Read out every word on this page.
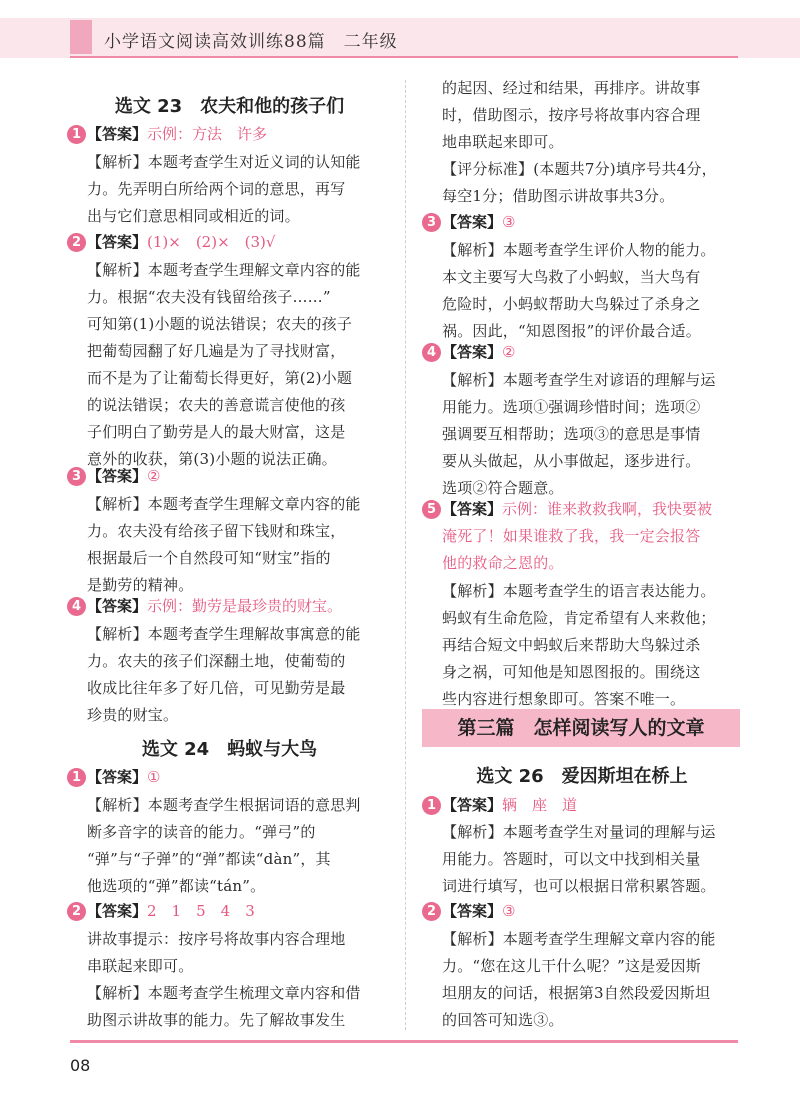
小学语文阅读高效训练88篇　二年级
选文 23　农夫和他的孩子们
1 【答案】示例：方法　许多
【解析】本题考查学生对近义词的认知能
力。先弄明白所给两个词的意思，再写
出与它们意思相同或相近的词。
2 【答案】(1)×　(2)×　(3)√
【解析】本题考查学生理解文章内容的能
力。根据“农夫没有钱留给孩子……”
可知第(1)小题的说法错误；农夫的孩子
把葡萄园翻了好几遍是为了寻找财富，
而不是为了让葡萄长得更好，第(2)小题
的说法错误；农夫的善意谎言使他的孩
子们明白了勤劳是人的最大财富，这是
意外的收获，第(3)小题的说法正确。
3 【答案】②
【解析】本题考查学生理解文章内容的能
力。农夫没有给孩子留下钱财和珠宝，
根据最后一个自然段可知“财宝”指的
是勤劳的精神。
4 【答案】示例：勤劳是最珍贵的财宝。
【解析】本题考查学生理解故事寓意的能
力。农夫的孩子们深翻土地，使葡萄的
收成比往年多了好几倍，可见勤劳是最
珍贵的财宝。
选文 24　蚂蚁与大鸟
1 【答案】①
【解析】本题考查学生根据词语的意思判
断多音字的读音的能力。“弹弓”的
“弹”与“子弹”的“弹”都读“dàn”，其
他选项的“弹”都读“tán”。
2 【答案】2　1　5　4　3
讲故事提示：按序号将故事内容合理地
串联起来即可。
【解析】本题考查学生梳理文章内容和借
助图示讲故事的能力。先了解故事发生
的起因、经过和结果，再排序。讲故事
时，借助图示，按序号将故事内容合理
地串联起来即可。
【评分标准】(本题共7分)填序号共4分，
每空1分；借助图示讲故事共3分。
3 【答案】③
【解析】本题考查学生评价人物的能力。
本文主要写大鸟救了小蚂蚁，当大鸟有
危险时，小蚂蚁帮助大鸟躲过了杀身之
祸。因此，“知恩图报”的评价最合适。
4 【答案】②
【解析】本题考查学生对谚语的理解与运
用能力。选项①强调珍惜时间；选项②
强调要互相帮助；选项③的意思是事情
要从头做起，从小事做起，逐步进行。
选项②符合题意。
5 【答案】示例：谁来救救我啊，我快要被
淹死了！如果谁救了我，我一定会报答
他的救命之恩的。
【解析】本题考查学生的语言表达能力。
蚂蚁有生命危险，肯定希望有人来救他；
再结合短文中蚂蚁后来帮助大鸟躲过杀
身之祸，可知他是知恩图报的。围绕这
些内容进行想象即可。答案不唯一。
第三篇　怎样阅读写人的文章
选文 26　爱因斯坦在桥上
1 【答案】辆　座　道
【解析】本题考查学生对量词的理解与运
用能力。答题时，可以文中找到相关量
词进行填写，也可以根据日常积累答题。
2 【答案】③
【解析】本题考查学生理解文章内容的能
力。“您在这儿干什么呢？”这是爱因斯
坦朋友的问话，根据第3自然段爱因斯坦
的回答可知选③。
08
